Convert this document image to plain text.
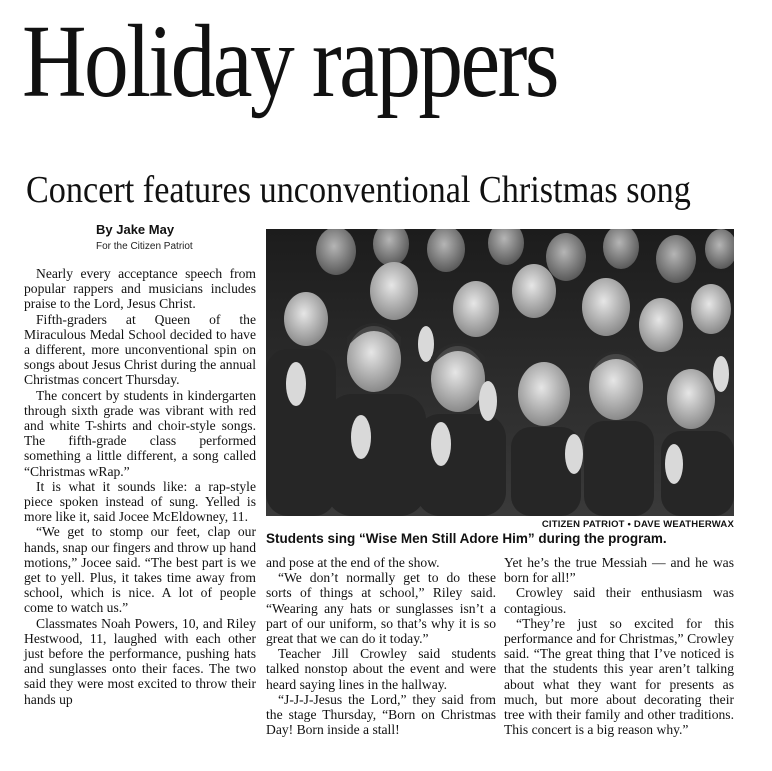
Holiday rappers
Concert features unconventional Christmas song
By Jake May
For the Citizen Patriot

Nearly every acceptance speech from popular rappers and musicians includes praise to the Lord, Jesus Christ.

Fifth-graders at Queen of the Miraculous Medal School decided to have a different, more unconventional spin on songs about Jesus Christ during the annual Christmas concert Thursday.

The concert by students in kindergarten through sixth grade was vibrant with red and white T-shirts and choir-style songs. The fifth-grade class performed something a little different, a song called “Christmas wRap.”

It is what it sounds like: a rap-style piece spoken instead of sung. Yelled is more like it, said Jocee McEldowney, 11.

“We get to stomp our feet, clap our hands, snap our fingers and throw up hand motions,” Jocee said. “The best part is we get to yell. Plus, it takes time away from school, which is nice. A lot of people come to watch us.”

Classmates Noah Powers, 10, and Riley Hestwood, 11, laughed with each other just before the performance, pushing hats and sunglasses onto their faces. The two said they were most excited to throw their hands up

CITIZEN PATRIOT • DAVE WEATHERWAX
Students sing “Wise Men Still Adore Him” during the program.

and pose at the end of the show.

“We don’t normally get to do these sorts of things at school,” Riley said. “Wearing any hats or sunglasses isn’t a part of our uniform, so that’s why it is so great that we can do it today.”

Teacher Jill Crowley said students talked nonstop about the event and were heard saying lines in the hallway.

“J-J-J-Jesus the Lord,” they said from the stage Thursday, “Born on Christmas Day! Born inside a stall!

Yet he’s the true Messiah — and he was born for all!”

Crowley said their enthusiasm was contagious.

“They’re just so excited for this performance and for Christmas,” Crowley said. “The great thing that I’ve noticed is that the students this year aren’t talking about what they want for presents as much, but more about decorating their tree with their family and other traditions. This concert is a big reason why.”
